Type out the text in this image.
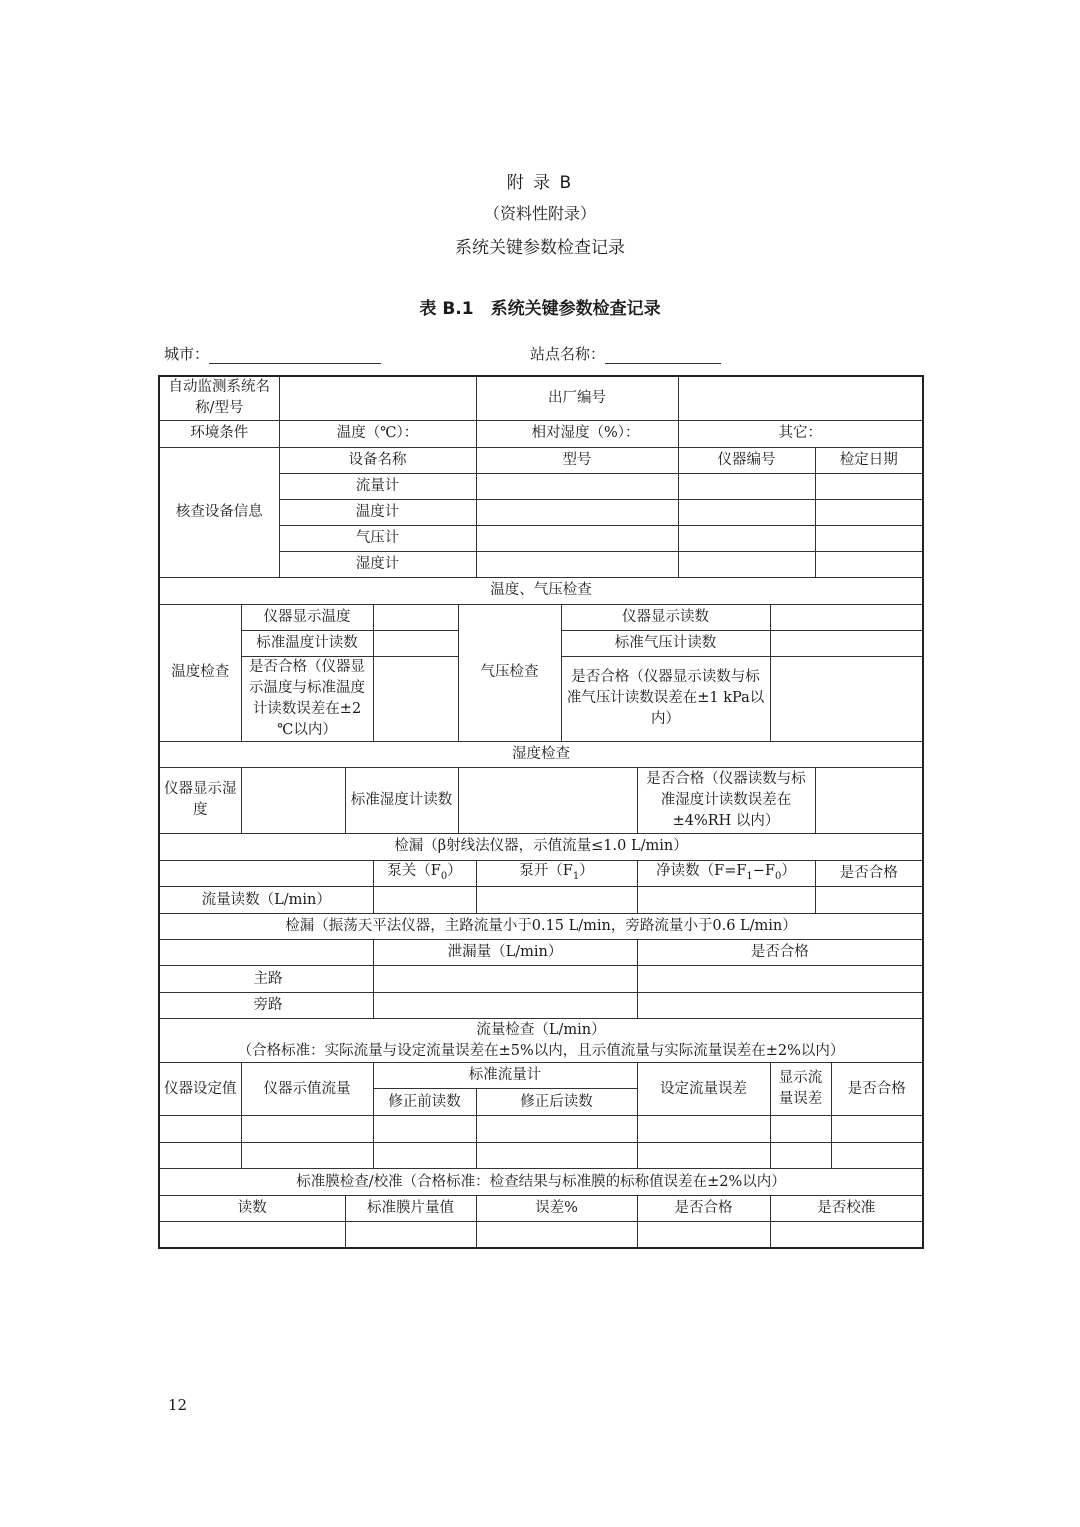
附 录 B
（资料性附录）
系统关键参数检查记录
表 B.1　系统关键参数检查记录
城市：	站点名称：
自动监测系统名称/型号						出厂编号						
环境条件		温度（℃）：				相对湿度（%）：			其它：			
核查设备信息		设备名称				型号			仪器编号		检定日期	
		流量计										
		温度计										
		气压计										
		湿度计										
温度、气压检查												
温度检查	仪器显示温度				气压检查		仪器显示读数					
	标准温度计读数						标准气压计读数					
	是否合格（仪器显示温度与标准温度计读数误差在±2 ℃以内）						是否合格（仪器显示读数与标准气压计读数误差在±1 kPa以内）					
湿度检查												
仪器显示湿度			标准湿度计读数					是否合格（仪器读数与标准湿度计读数误差在±4%RH 以内）				
检漏（β射线法仪器，示值流量≤1.0 L/min）												
				泵关$(F_0)$		泵开$(F_1)$		净读数$(F=F_1-F_0)$			是否合格	
流量读数（L/min）												
检漏（振荡天平法仪器，主路流量小于0.15 L/min，旁路流量小于0.6 L/min）												
				泄漏量（L/min）				是否合格				
主路												
旁路												

流量检查（L/min）
（合格标准：实际流量与设定流量误差在±5%以内，且示值流量与实际流量误差在±2%以内）												

仪器设定值	仪器示值流量			标准流量计				设定流量误差		显示流量误差		是否合格
				修正前读数		修正后读数						

标准膜检查/校准（合格标准：检查结果与标准膜的标称值误差在±2%以内）												
读数			标准膜片量值			误差%		是否合格		是否校准		

12
